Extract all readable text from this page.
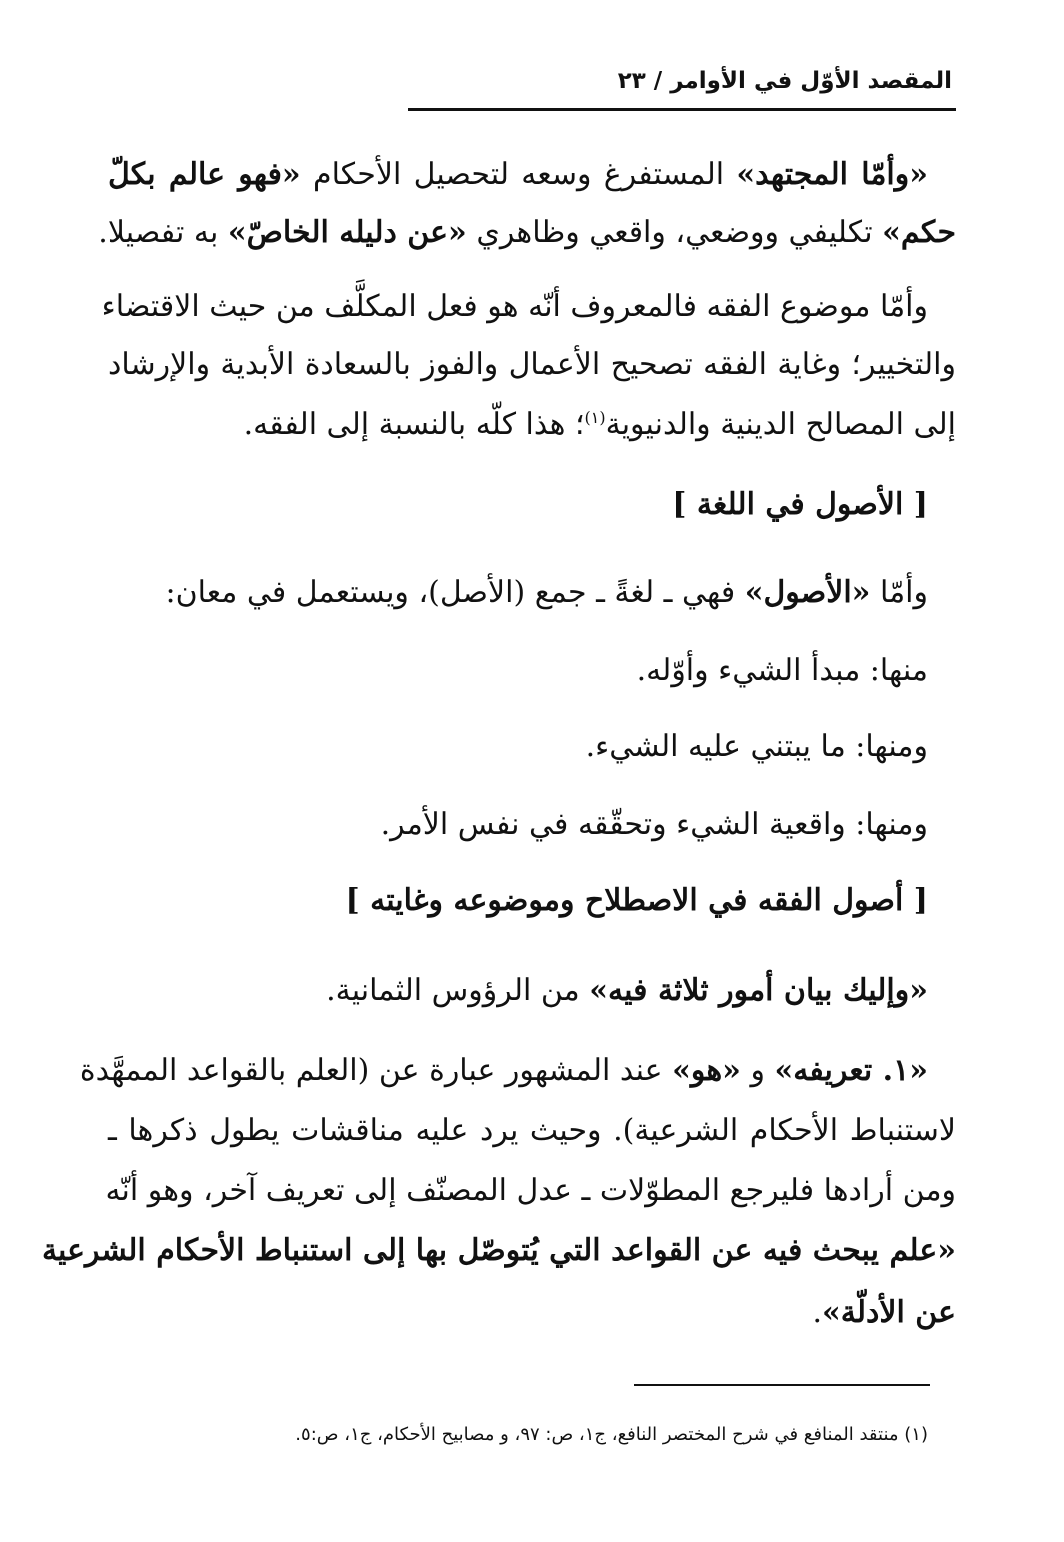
المقصد الأوّل في الأوامر / ٢٣
«وأمّا المجتهد» المستفرغ وسعه لتحصيل الأحكام «فهو عالم بكلّ
حكم» تكليفي ووضعي، واقعي وظاهري «عن دليله الخاصّ» به تفصيلا.
وأمّا موضوع الفقه فالمعروف أنّه هو فعل المكلَّف من حيث الاقتضاء
والتخيير؛ وغاية الفقه تصحيح الأعمال والفوز بالسعادة الأبدية والإرشاد
إلى المصالح الدينية والدنيوية$^{(١)}$؛ هذا كلّه بالنسبة إلى الفقه.
[ الأصول في اللغة ]
وأمّا «الأصول» فهي ـ لغةً ـ جمع (الأصل)، ويستعمل في معان:
منها: مبدأ الشيء وأوّله.
ومنها: ما يبتني عليه الشيء.
ومنها: واقعية الشيء وتحقّقه في نفس الأمر.
[ أصول الفقه في الاصطلاح وموضوعه وغايته ]
«وإليك بيان أمور ثلاثة فيه» من الرؤوس الثمانية.
«١. تعريفه» و «هو» عند المشهور عبارة عن (العلم بالقواعد الممهَّدة
لاستنباط الأحكام الشرعية). وحيث يرد عليه مناقشات يطول ذكرها ـ
ومن أرادها فليرجع المطوّلات ـ عدل المصنّف إلى تعريف آخر، وهو أنّه
«علم يبحث فيه عن القواعد التي يُتوصّل بها إلى استنباط الأحكام الشرعية
عن الأدلّة».
(١) منتقد المنافع في شرح المختصر النافع، ج١، ص: ٩٧، و مصابيح الأحكام، ج١، ص:٥.
